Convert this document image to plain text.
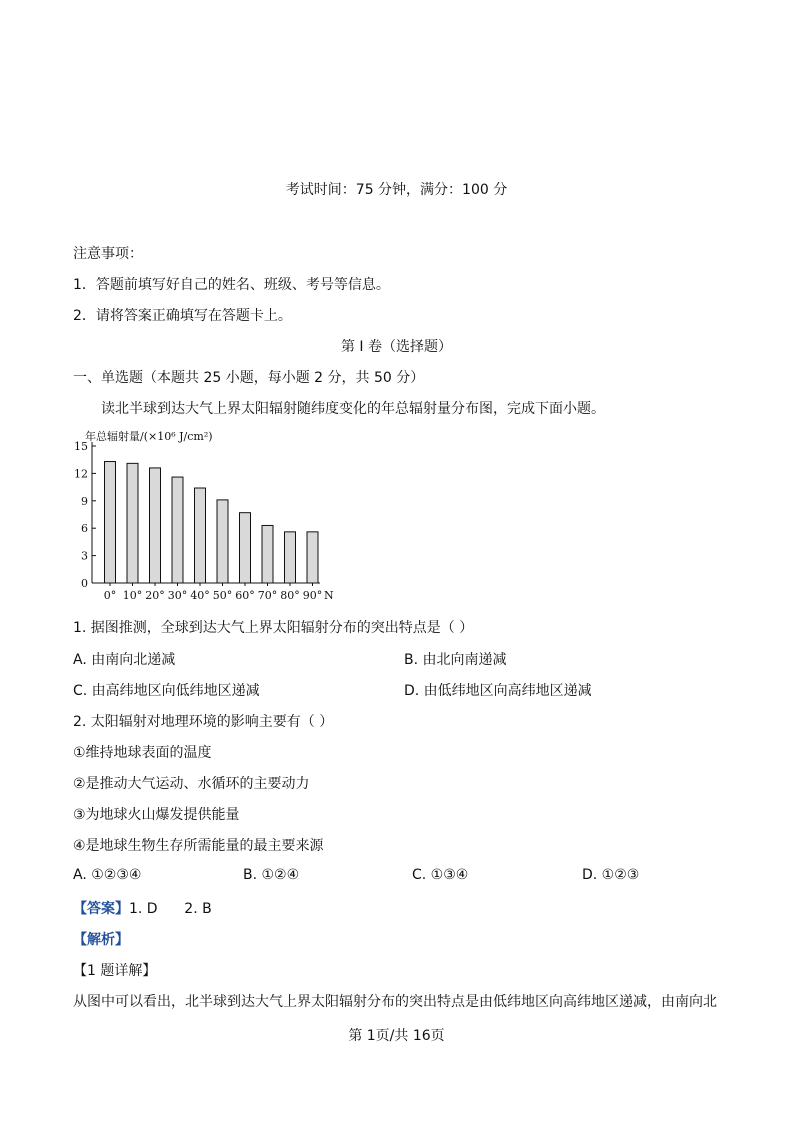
考试时间：75 分钟，满分：100 分
注意事项：
1．答题前填写好自己的姓名、班级、考号等信息。
2．请将答案正确填写在答题卡上。
第 I 卷（选择题）
一、单选题（本题共 25 小题，每小题 2 分，共 50 分）
读北半球到达大气上界太阳辐射随纬度变化的年总辐射量分布图，完成下面小题。
年总辐射量/(×10⁶ J/cm²)
0
3
6
9
12
15
0° 10° 20° 30° 40° 50° 60° 70° 80° 90° N
1. 据图推测，全球到达大气上界太阳辐射分布的突出特点是（ ）
A. 由南向北递减	B. 由北向南递减
C. 由高纬地区向低纬地区递减	D. 由低纬地区向高纬地区递减
2. 太阳辐射对地理环境的影响主要有（ ）
①维持地球表面的温度
②是推动大气运动、水循环的主要动力
③为地球火山爆发提供能量
④是地球生物生存所需能量的最主要来源
A. ①②③④	B. ①②④	C. ①③④	D. ①②③
【答案】1. D      2. B
【解析】
【1 题详解】
从图中可以看出，北半球到达大气上界太阳辐射分布的突出特点是由低纬地区向高纬地区递减，由南向北
第 1页/共 16页
